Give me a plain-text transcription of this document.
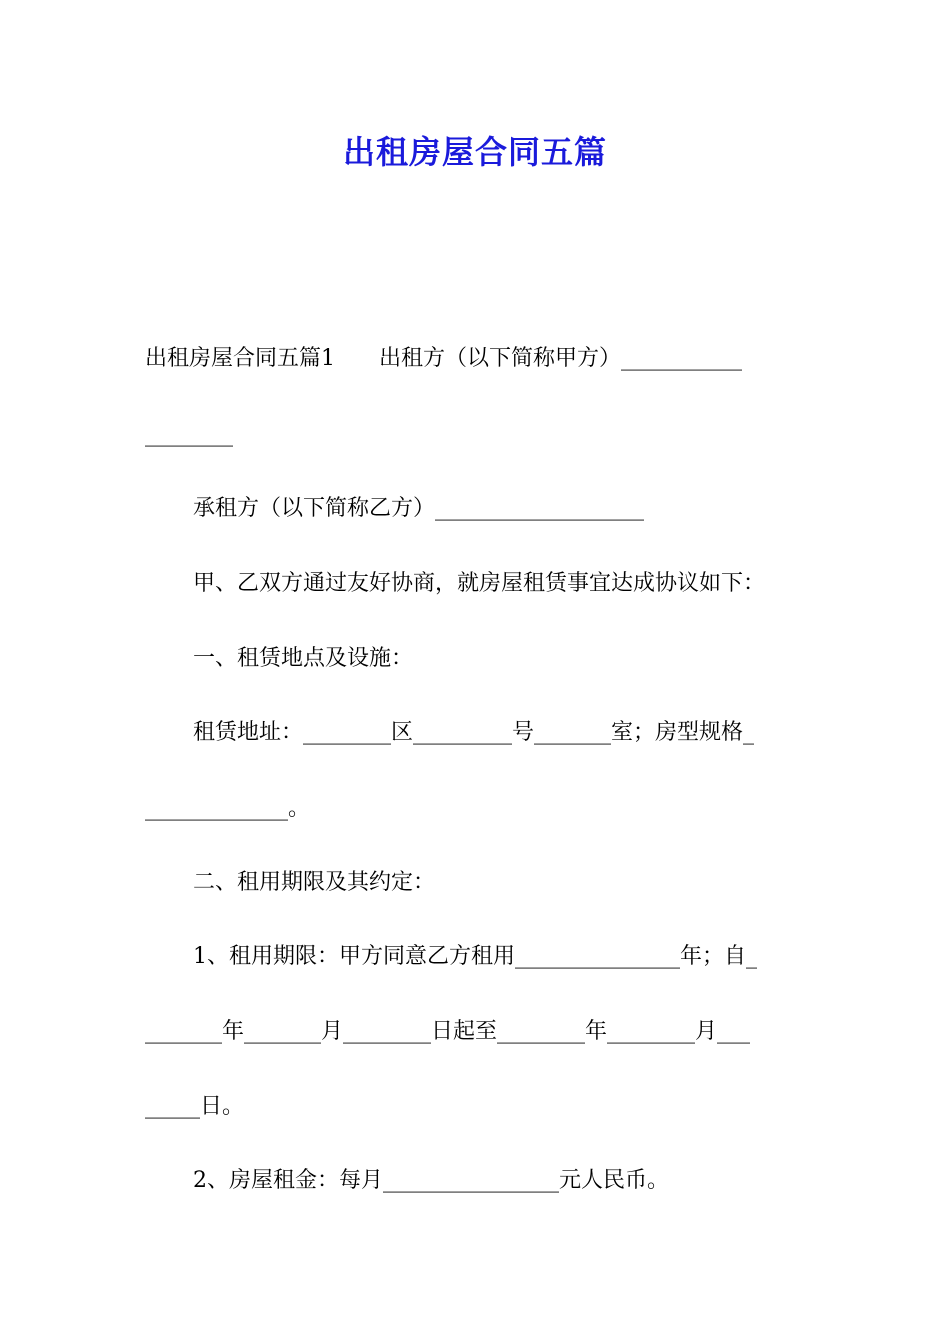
出租房屋合同五篇
出租房屋合同五篇1　　出租方（以下简称甲方）___________
________
承租方（以下简称乙方）___________________
甲、乙双方通过友好协商，就房屋租赁事宜达成协议如下：
一、租赁地点及设施：
租赁地址：________区_________号_______室；房型规格_
_____________。
二、租用期限及其约定：
1、租用期限：甲方同意乙方租用_______________年；自_
_______年_______月________日起至________年________月___
_____日。
2、房屋租金：每月________________元人民币。
